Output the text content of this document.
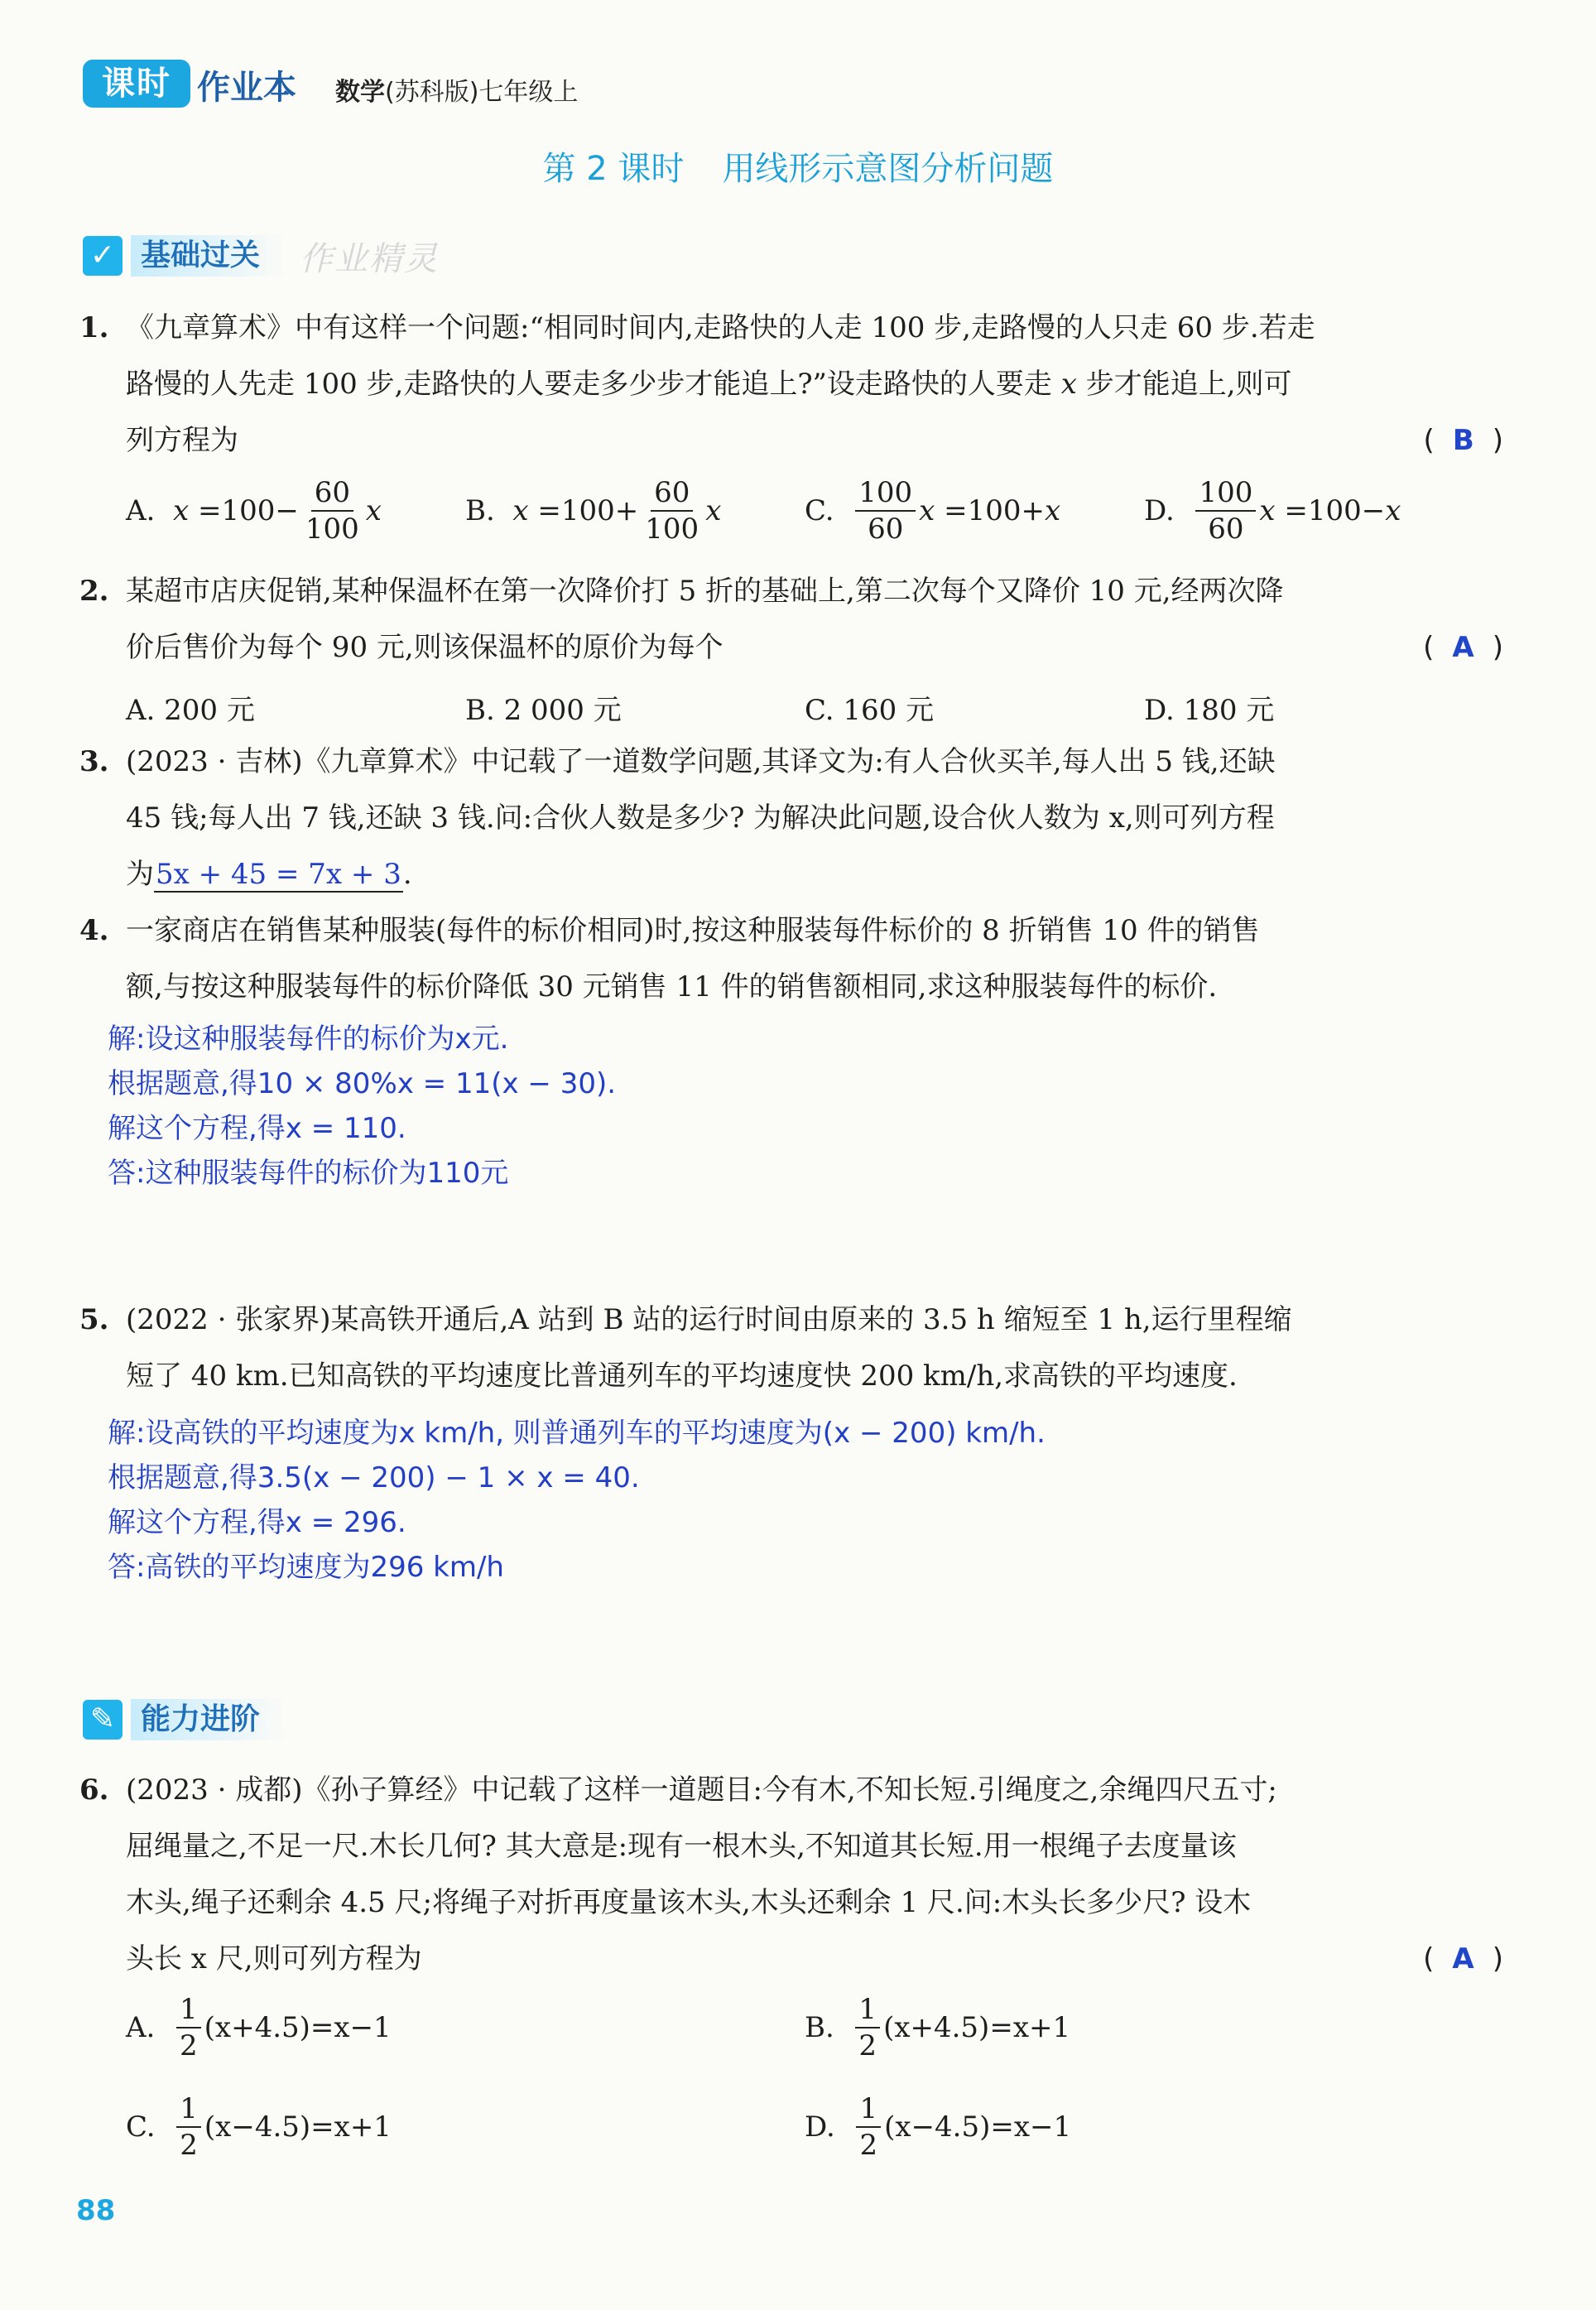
课时 作业本 数学(苏科版)七年级上
第 2 课时 用线形示意图分析问题
✓ 基础过关	作业精灵
1. 《九章算术》中有这样一个问题:“相同时间内,走路快的人走 100 步,走路慢的人只走 60 步.若走
路慢的人先走 100 步,走路快的人要走多少步才能追上?”设走路快的人要走 x 步才能追上,则可
列方程为	( B )
A.
$x =100- \frac{60}{100}$ x	B.
$x =100+ \frac{60}{100}$ x	C.
$\frac{100}{60}$ x =100+ x	D.
$\frac{100}{60}$ x =100− x
2. 某超市店庆促销,某种保温杯在第一次降价打 5 折的基础上,第二次每个又降价 10 元,经两次降
价后售价为每个 90 元,则该保温杯的原价为每个	( A )
A. 200 元	B. 2 000 元	C. 160 元	D. 180 元
3. (2023 · 吉林)《九章算术》中记载了一道数学问题,其译文为:有人合伙买羊,每人出 5 钱,还缺
45 钱;每人出 7 钱,还缺 3 钱.问:合伙人数是多少? 为解决此问题,设合伙人数为 x,则可列方程
为5x + 45 = 7x + 3.
4. 一家商店在销售某种服装(每件的标价相同)时,按这种服装每件标价的 8 折销售 10 件的销售
额,与按这种服装每件的标价降低 30 元销售 11 件的销售额相同,求这种服装每件的标价.
解:设这种服装每件的标价为x元.
根据题意,得10 × 80%x = 11(x − 30).
解这个方程,得x = 110.
答:这种服装每件的标价为110元
5. (2022 · 张家界)某高铁开通后,A 站到 B 站的运行时间由原来的 3.5 h 缩短至 1 h,运行里程缩
短了 40 km.已知高铁的平均速度比普通列车的平均速度快 200 km/h,求高铁的平均速度.
解:设高铁的平均速度为x km/h, 则普通列车的平均速度为(x − 200) km/h.
根据题意,得3.5(x − 200) − 1 × x = 40.
解这个方程,得x = 296.
答:高铁的平均速度为296 km/h
✎ 能力进阶
6. (2023 · 成都)《孙子算经》中记载了这样一道题目:今有木,不知长短.引绳度之,余绳四尺五寸;
屈绳量之,不足一尺.木长几何? 其大意是:现有一根木头,不知道其长短.用一根绳子去度量该
木头,绳子还剩余 4.5 尺;将绳子对折再度量该木头,木头还剩余 1 尺.问:木头长多少尺? 设木
头长 x 尺,则可列方程为	( A )
A.
$\frac{1}{2} (x+4.5)=x-1$	B.
$\frac{1}{2} (x+4.5)=x+1$
C.
$\frac{1}{2} (x-4.5)=x+1$	D.
$\frac{1}{2} (x-4.5)=x-1$
88
